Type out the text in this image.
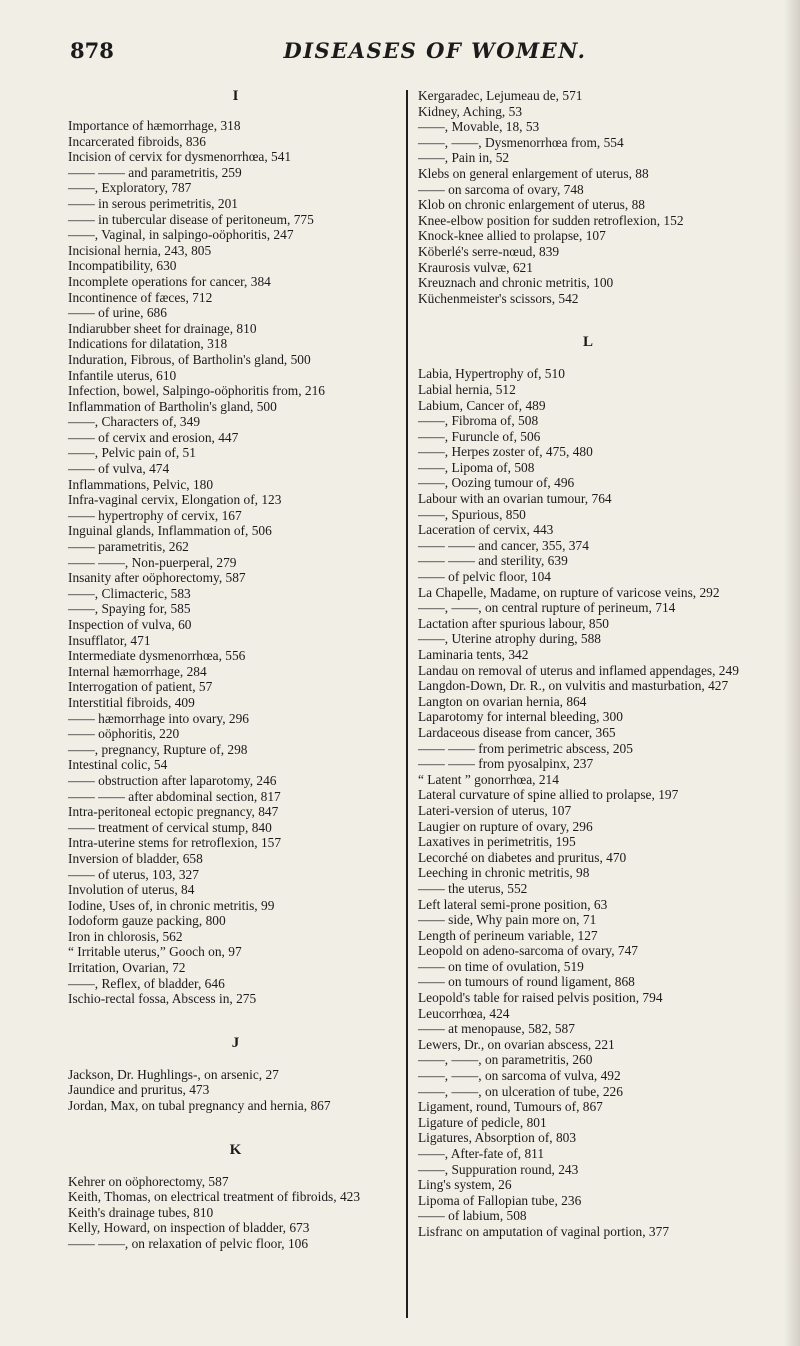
878	DISEASES OF WOMEN.
I
Importance of hæmorrhage, 318
Incarcerated fibroids, 836
Incision of cervix for dysmenorrhœa, 541
—— —— and parametritis, 259
——, Exploratory, 787
—— in serous perimetritis, 201
—— in tubercular disease of peritoneum, 775
——, Vaginal, in salpingo-oöphoritis, 247
Incisional hernia, 243, 805
Incompatibility, 630
Incomplete operations for cancer, 384
Incontinence of fæces, 712
—— of urine, 686
Indiarubber sheet for drainage, 810
Indications for dilatation, 318
Induration, Fibrous, of Bartholin's gland, 500
Infantile uterus, 610
Infection, bowel, Salpingo-oöphoritis from, 216
Inflammation of Bartholin's gland, 500
——, Characters of, 349
—— of cervix and erosion, 447
——, Pelvic pain of, 51
—— of vulva, 474
Inflammations, Pelvic, 180
Infra-vaginal cervix, Elongation of, 123
—— hypertrophy of cervix, 167
Inguinal glands, Inflammation of, 506
—— parametritis, 262
—— ——, Non-puerperal, 279
Insanity after oöphorectomy, 587
——, Climacteric, 583
——, Spaying for, 585
Inspection of vulva, 60
Insufflator, 471
Intermediate dysmenorrhœa, 556
Internal hæmorrhage, 284
Interrogation of patient, 57
Interstitial fibroids, 409
—— hæmorrhage into ovary, 296
—— oöphoritis, 220
——, pregnancy, Rupture of, 298
Intestinal colic, 54
—— obstruction after laparotomy, 246
—— —— after abdominal section, 817
Intra-peritoneal ectopic pregnancy, 847
—— treatment of cervical stump, 840
Intra-uterine stems for retroflexion, 157
Inversion of bladder, 658
—— of uterus, 103, 327
Involution of uterus, 84
Iodine, Uses of, in chronic metritis, 99
Iodoform gauze packing, 800
Iron in chlorosis, 562
“ Irritable uterus,” Gooch on, 97
Irritation, Ovarian, 72
——, Reflex, of bladder, 646
Ischio-rectal fossa, Abscess in, 275
J
Jackson, Dr. Hughlings-, on arsenic, 27
Jaundice and pruritus, 473
Jordan, Max, on tubal pregnancy and hernia, 867
K
Kehrer on oöphorectomy, 587
Keith, Thomas, on electrical treatment of fibroids, 423
Keith's drainage tubes, 810
Kelly, Howard, on inspection of bladder, 673
—— ——, on relaxation of pelvic floor, 106
Kergaradec, Lejumeau de, 571
Kidney, Aching, 53
——, Movable, 18, 53
——, ——, Dysmenorrhœa from, 554
——, Pain in, 52
Klebs on general enlargement of uterus, 88
—— on sarcoma of ovary, 748
Klob on chronic enlargement of uterus, 88
Knee-elbow position for sudden retroflexion, 152
Knock-knee allied to prolapse, 107
Köberlé's serre-nœud, 839
Kraurosis vulvæ, 621
Kreuznach and chronic metritis, 100
Küchenmeister's scissors, 542
L
Labia, Hypertrophy of, 510
Labial hernia, 512
Labium, Cancer of, 489
——, Fibroma of, 508
——, Furuncle of, 506
——, Herpes zoster of, 475, 480
——, Lipoma of, 508
——, Oozing tumour of, 496
Labour with an ovarian tumour, 764
——, Spurious, 850
Laceration of cervix, 443
—— —— and cancer, 355, 374
—— —— and sterility, 639
—— of pelvic floor, 104
La Chapelle, Madame, on rupture of varicose veins, 292
——, ——, on central rupture of perineum, 714
Lactation after spurious labour, 850
——, Uterine atrophy during, 588
Laminaria tents, 342
Landau on removal of uterus and inflamed appendages, 249
Langdon-Down, Dr. R., on vulvitis and masturbation, 427
Langton on ovarian hernia, 864
Laparotomy for internal bleeding, 300
Lardaceous disease from cancer, 365
—— —— from perimetric abscess, 205
—— —— from pyosalpinx, 237
“ Latent ” gonorrhœa, 214
Lateral curvature of spine allied to prolapse, 197
Lateri-version of uterus, 107
Laugier on rupture of ovary, 296
Laxatives in perimetritis, 195
Lecorché on diabetes and pruritus, 470
Leeching in chronic metritis, 98
—— the uterus, 552
Left lateral semi-prone position, 63
—— side, Why pain more on, 71
Length of perineum variable, 127
Leopold on adeno-sarcoma of ovary, 747
—— on time of ovulation, 519
—— on tumours of round ligament, 868
Leopold's table for raised pelvis position, 794
Leucorrhœa, 424
—— at menopause, 582, 587
Lewers, Dr., on ovarian abscess, 221
——, ——, on parametritis, 260
——, ——, on sarcoma of vulva, 492
——, ——, on ulceration of tube, 226
Ligament, round, Tumours of, 867
Ligature of pedicle, 801
Ligatures, Absorption of, 803
——, After-fate of, 811
——, Suppuration round, 243
Ling's system, 26
Lipoma of Fallopian tube, 236
—— of labium, 508
Lisfranc on amputation of vaginal portion, 377
